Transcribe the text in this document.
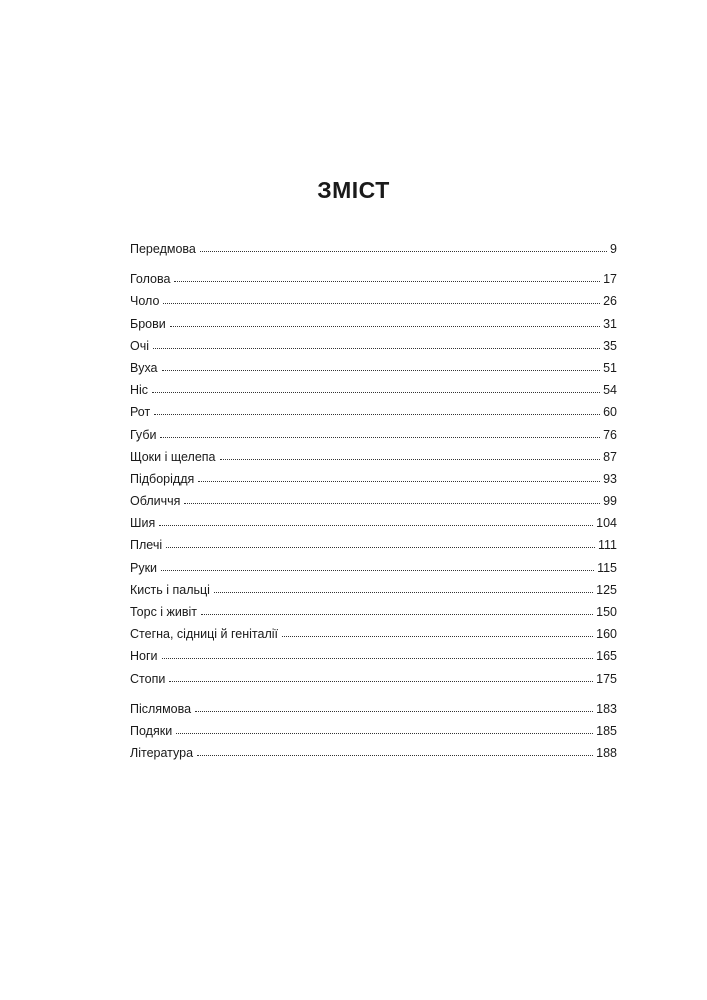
ЗМІСТ
Передмова	9
Голова	17
Чоло	26
Брови	31
Очі	35
Вуха	51
Ніс	54
Рот	60
Губи	76
Щоки і щелепа	87
Підборіддя	93
Обличчя	99
Шия	104
Плечі	111
Руки	115
Кисть і пальці	125
Торс і живіт	150
Стегна, сідниці й геніталії	160
Ноги	165
Стопи	175
Післямова	183
Подяки	185
Література	188
